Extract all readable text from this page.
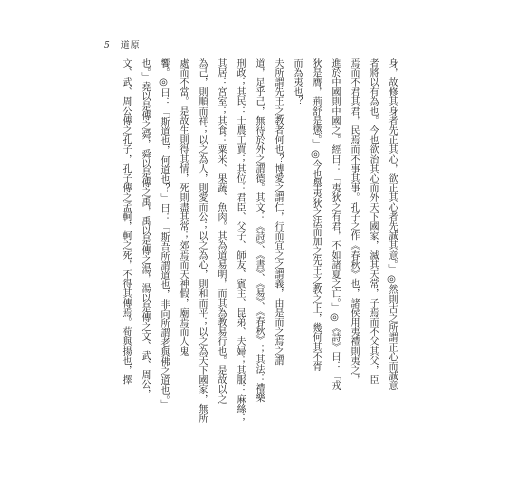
5 道原
身，故修其身者先正其心，欲正其心者先誠其意。」◎然則古之所謂正心而誠意
者將以有為也。今也欲治其心而外天下國家，滅其天常，子焉而不父其父，臣
焉而不君其君，民焉而不事其事。孔子之作《春秋》也，諸侯用夷禮則夷之，
進於中國則中國之。經曰：「夷狄之有君，不如諸夏之亡。」◎《詩》曰：「戎
狄是膺，荊舒是懲。」◎今也舉夷狄之法而加之先王之教之上，幾何其不胥
而為夷也？
夫所謂先王之教者何也？博愛之謂仁，行而宜之之謂義，由是而之焉之謂
道，足乎己，無待於外之謂德。其文：《詩》、《書》、《易》、《春秋》；其法：禮樂
刑政；其民：士農工賈；其位：君臣、父子、師友、賓主、昆弟、夫婦；其服：麻絲；
其居：宮室；其食：粟米、果蔬、魚肉。其為道易明，而其為教易行也。是故以之
為己，則順而祥；以之為人，則愛而公；以之為心，則和而平；以之為天下國家，無所
處而不當。是故生則得其情，死則盡其常；郊焉而天神假，廟焉而人鬼
饗。◎曰：「斯道也，何道也？」曰：「斯吾所謂道也，非向所謂老與佛之道也。」
也。」堯以是傳之舜，舜以是傳之禹，禹以是傳之湯，湯以是傳之文、武、周公，
文、武、周公傳之孔子，孔子傳之孟軻，軻之死，不得其傳焉。荀與揚也，擇
